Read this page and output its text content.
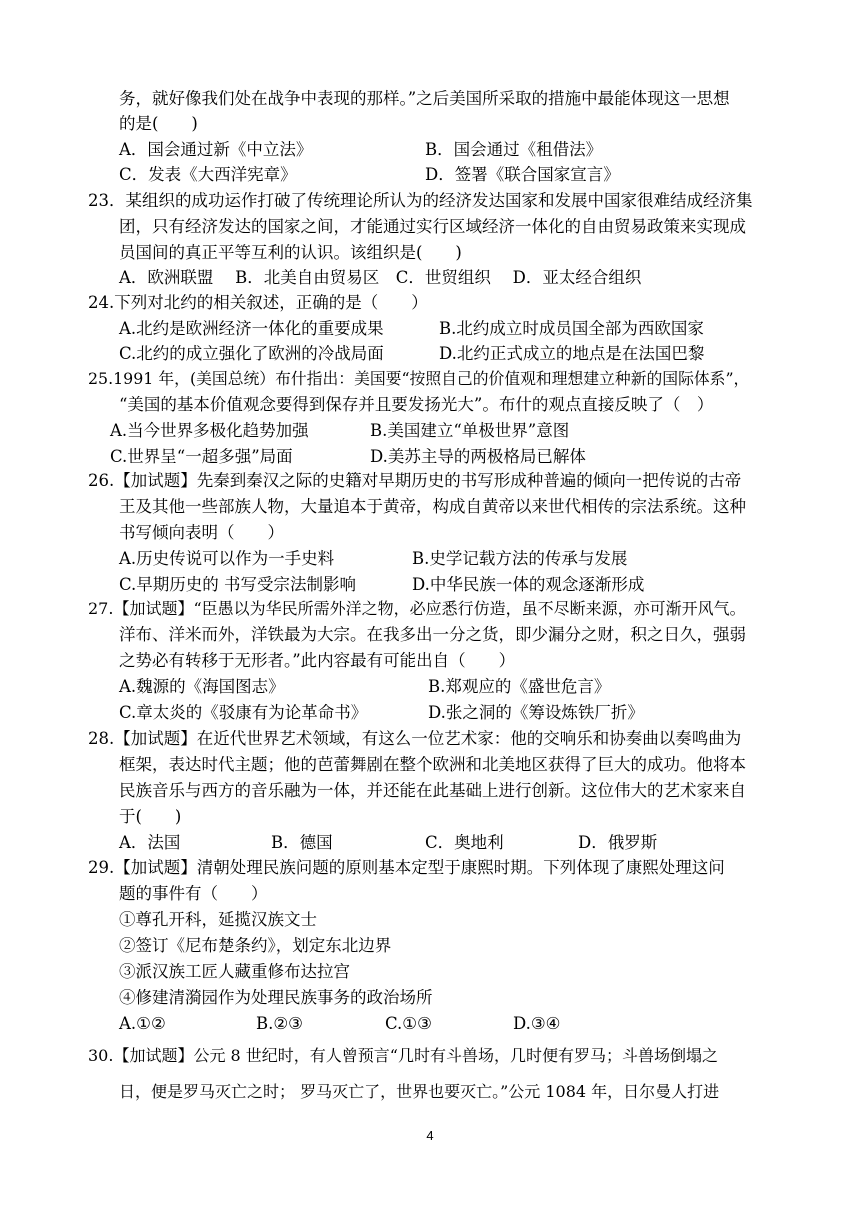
务，就好像我们处在战争中表现的那样。”之后美国所采取的措施中最能体现这一思想
的是(　　)
A．国会通过新《中立法》	B．国会通过《租借法》
C．发表《大西洋宪章》	D．签署《联合国家宣言》
23．某组织的成功运作打破了传统理论所认为的经济发达国家和发展中国家很难结成经济集
团，只有经济发达的国家之间，才能通过实行区域经济一体化的自由贸易政策来实现成
员国间的真正平等互利的认识。该组织是(　　)
A．欧洲联盟　 B．北美自由贸易区　C．世贸组织　 D．亚太经合组织
24.下列对北约的相关叙述，正确的是（　　）
A.北约是欧洲经济一体化的重要成果	B.北约成立时成员国全部为西欧国家
C.北约的成立强化了欧洲的冷战局面	D.北约正式成立的地点是在法国巴黎
25.1991 年，(美国总统）布什指出：美国要“按照自己的价值观和理想建立种新的国际体系”，
“美国的基本价值观念要得到保存并且要发扬光大”。布什的观点直接反映了（　）
A.当今世界多极化趋势加强	B.美国建立“单极世界”意图
C.世界呈“一超多强”局面	D.美苏主导的两极格局已解体
26.【加试题】先秦到秦汉之际的史籍对早期历史的书写形成种普遍的倾向一把传说的古帝
王及其他一些部族人物，大量追本于黄帝，构成自黄帝以来世代相传的宗法系统。这种
书写倾向表明（　　）
A.历史传说可以作为一手史料	B.史学记载方法的传承与发展
C.早期历史的 书写受宗法制影响	D.中华民族一体的观念逐渐形成
27.【加试题】“臣愚以为华民所需外洋之物，必应悉行仿造，虽不尽断来源，亦可渐开风气。
洋布、洋米而外，洋铁最为大宗。在我多出一分之货，即少漏分之财，积之日久，强弱
之势必有转移于无形者。”此内容最有可能出自（　　）
A.魏源的《海国图志》	B.郑观应的《盛世危言》
C.章太炎的《驳康有为论革命书》	D.张之洞的《筹设炼铁厂折》
28.【加试题】在近代世界艺术领域，有这么一位艺术家：他的交响乐和协奏曲以奏鸣曲为
框架，表达时代主题；他的芭蕾舞剧在整个欧洲和北美地区获得了巨大的成功。他将本
民族音乐与西方的音乐融为一体，并还能在此基础上进行创新。这位伟大的艺术家来自
于(　　)
A．法国	B．德国	C．奥地利	D．俄罗斯
29.【加试题】清朝处理民族问题的原则基本定型于康熙时期。下列体现了康熙处理这问
题的事件有（　　）
①尊孔开科，延揽汉族文士
②签订《尼布楚条约》，划定东北边界
③派汉族工匠人藏重修布达拉宫
④修建清漪园作为处理民族事务的政治场所
A.①②	B.②③	C.①③	D.③④
30.【加试题】公元 8 世纪时，有人曾预言“几时有斗兽场，几时便有罗马；斗兽场倒塌之
日，便是罗马灭亡之时； 罗马灭亡了，世界也要灭亡。”公元 1084 年，日尔曼人打进
4
